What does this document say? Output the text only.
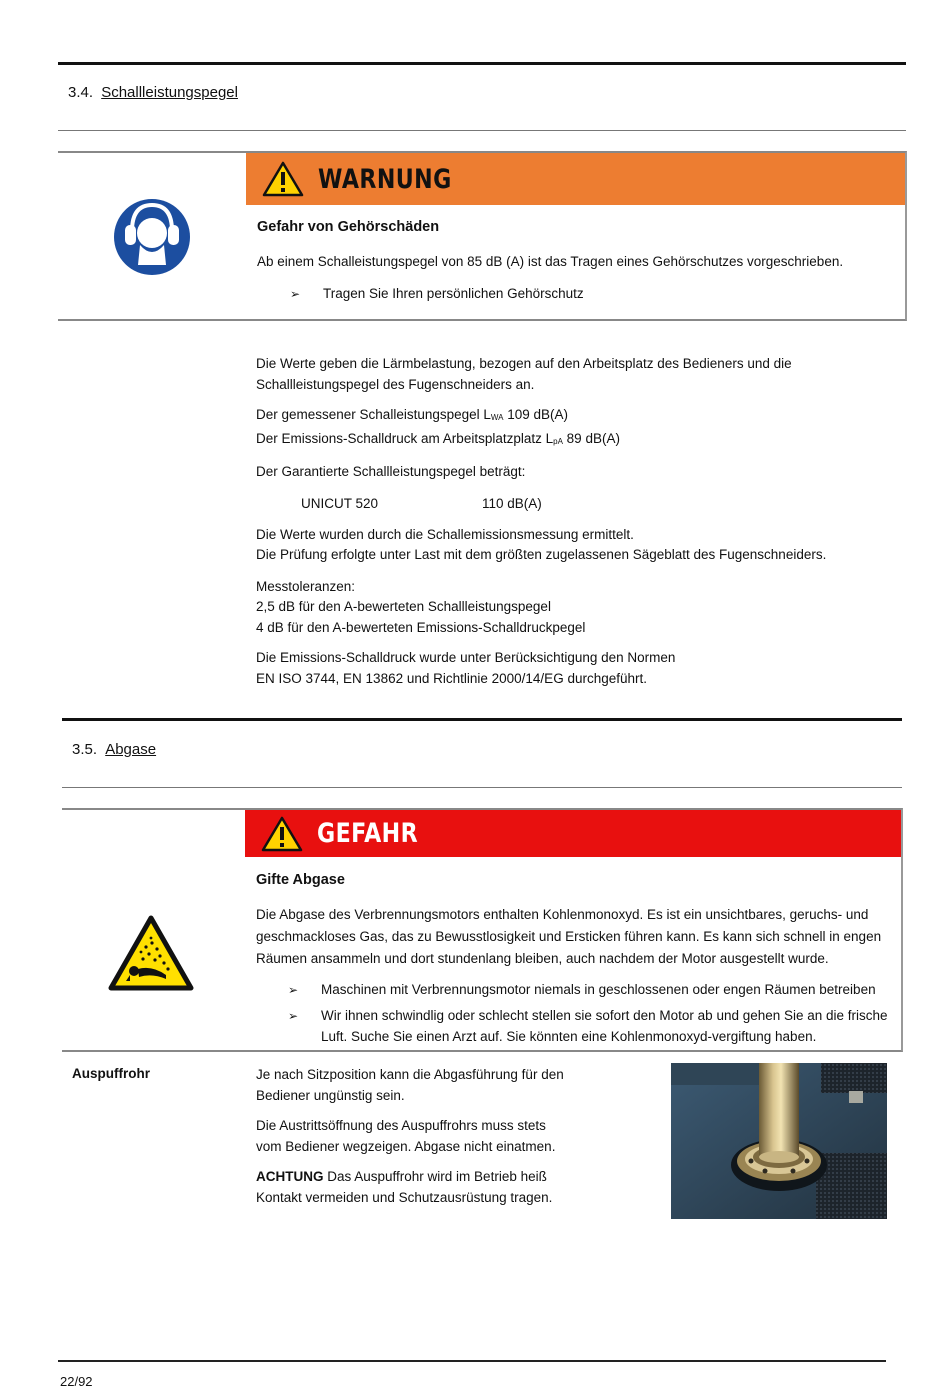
3.4. Schallleistungspegel
WARNUNG
Gefahr von Gehörschäden
Ab einem Schalleistungspegel von 85 dB (A) ist das Tragen eines Gehörschutzes vorgeschrieben.
➢	Tragen Sie Ihren persönlichen Gehörschutz

Die Werte geben die Lärmbelastung, bezogen auf den Arbeitsplatz des Bedieners und die
Schallleistungspegel des Fugenschneiders an.

Der gemessener Schalleistungspegel $L_{WA}$ 109 dB(A)
Der Emissions-Schalldruck am Arbeitsplatzplatz $L_{pA}$ 89 dB(A)

Der Garantierte Schallleistungspegel beträgt:

UNICUT 520	110 dB(A)

Die Werte wurden durch die Schallemissionsmessung ermittelt.
Die Prüfung erfolgte unter Last mit dem größten zugelassenen Sägeblatt des Fugenschneiders.

Messtoleranzen:
2,5 dB für den A-bewerteten Schallleistungspegel
4 dB für den A-bewerteten Emissions-Schalldruckpegel

Die Emissions-Schalldruck wurde unter Berücksichtigung den Normen
EN ISO 3744, EN 13862 und Richtlinie 2000/14/EG durchgeführt.

3.5. Abgase
GEFAHR
Gifte Abgase

Die Abgase des Verbrennungsmotors enthalten Kohlenmonoxyd. Es ist ein unsichtbares, geruchs- und
geschmackloses Gas, das zu Bewusstlosigkeit und Ersticken führen kann. Es kann sich schnell in engen
Räumen ansammeln und dort stundenlang bleiben, auch nachdem der Motor ausgestellt wurde.

➢	Maschinen mit Verbrennungsmotor niemals in geschlossenen oder engen Räumen betreiben
➢	Wir ihnen schwindlig oder schlecht stellen sie sofort den Motor ab und gehen Sie an die frische
Luft. Suche Sie einen Arzt auf. Sie könnten eine Kohlenmonoxyd-vergiftung haben.
Auspuffrohr	Je nach Sitzposition kann die Abgasführung für den
Bediener ungünstig sein.

Die Austrittsöffnung des Auspuffrohrs muss stets
vom Bediener wegzeigen. Abgase nicht einatmen.

ACHTUNG Das Auspuffrohr wird im Betrieb heiß
Kontakt vermeiden und Schutzausrüstung tragen.

22/92
